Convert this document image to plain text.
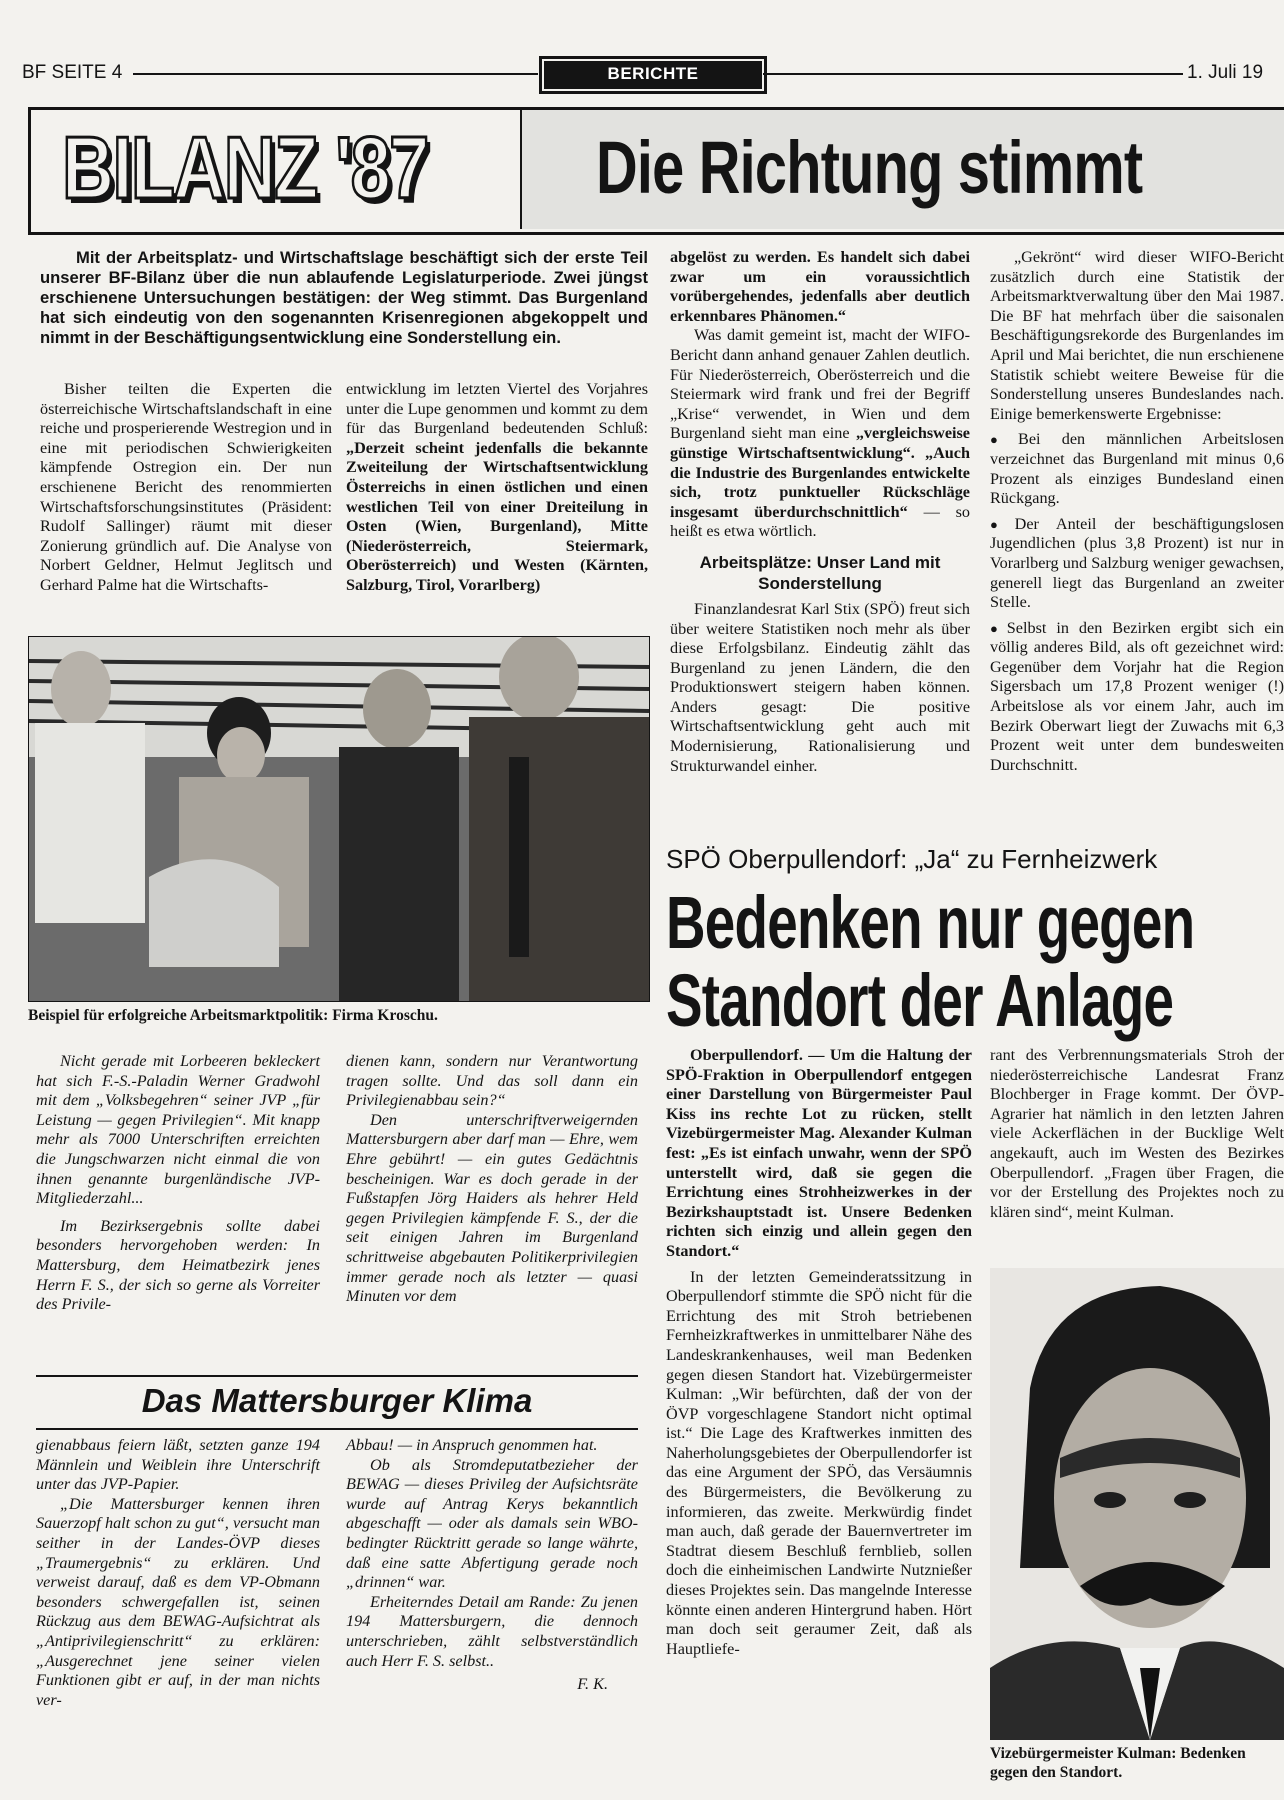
BF SEITE 4	BERICHTE	1. Juli 19
BILANZ '87 Die Richtung stimmt
Mit der Arbeitsplatz- und Wirtschaftslage beschäftigt sich der erste Teil unserer BF-Bilanz über die nun ablaufende Legislaturperiode. Zwei jüngst erschienene Untersuchungen bestätigen: der Weg stimmt. Das Burgenland hat sich eindeutig von den sogenannten Krisenregionen abgekoppelt und nimmt in der Beschäftigungsentwicklung eine Sonderstellung ein.

Bisher teilten die Experten die österreichische Wirtschaftslandschaft in eine reiche und prosperierende Westregion und in eine mit periodischen Schwierigkeiten kämpfende Ostregion ein. Der nun erschienene Bericht des renommierten Wirtschaftsforschungsinstitutes (Präsident: Rudolf Sallinger) räumt mit dieser Zonierung gründlich auf. Die Analyse von Norbert Geldner, Helmut Jeglitsch und Gerhard Palme hat die Wirtschafts-

entwicklung im letzten Viertel des Vorjahres unter die Lupe genommen und kommt zu dem für das Burgenland bedeutenden Schluß: „Derzeit scheint jedenfalls die bekannte Zweiteilung der Wirtschaftsentwicklung Österreichs in einen östlichen und einen westlichen Teil von einer Dreiteilung in Osten (Wien, Burgenland), Mitte (Niederösterreich, Steiermark, Oberösterreich) und Westen (Kärnten, Salzburg, Tirol, Vorarlberg)

abgelöst zu werden. Es handelt sich dabei zwar um ein voraussichtlich vorübergehendes, jedenfalls aber deutlich erkennbares Phänomen.“

Was damit gemeint ist, macht der WIFO-Bericht dann anhand genauer Zahlen deutlich. Für Niederösterreich, Oberösterreich und die Steiermark wird frank und frei der Begriff „Krise“ verwendet, in Wien und dem Burgenland sieht man eine „vergleichsweise günstige Wirtschaftsentwicklung“. „Auch die Industrie des Burgenlandes entwickelte sich, trotz punktueller Rückschläge insgesamt überdurchschnittlich“ — so heißt es etwa wörtlich.

Arbeitsplätze: Unser Land mit Sonderstellung

Finanzlandesrat Karl Stix (SPÖ) freut sich über weitere Statistiken noch mehr als über diese Erfolgsbilanz. Eindeutig zählt das Burgenland zu jenen Ländern, die den Produktionswert steigern haben können. Anders gesagt: Die positive Wirtschaftsentwicklung geht auch mit Modernisierung, Rationalisierung und Strukturwandel einher.

„Gekrönt“ wird dieser WIFO-Bericht zusätzlich durch eine Statistik der Arbeitsmarktverwaltung über den Mai 1987. Die BF hat mehrfach über die saisonalen Beschäftigungsrekorde des Burgenlandes im April und Mai berichtet, die nun erschienene Statistik schiebt weitere Beweise für die Sonderstellung unseres Bundeslandes nach. Einige bemerkenswerte Ergebnisse:

● Bei den männlichen Arbeitslosen verzeichnet das Burgenland mit minus 0,6 Prozent als einziges Bundesland einen Rückgang.

● Der Anteil der beschäftigungslosen Jugendlichen (plus 3,8 Prozent) ist nur in Vorarlberg und Salzburg weniger gewachsen, generell liegt das Burgenland an zweiter Stelle.

● Selbst in den Bezirken ergibt sich ein völlig anderes Bild, als oft gezeichnet wird: Gegenüber dem Vorjahr hat die Region Sigersbach um 17,8 Prozent weniger (!) Arbeitslose als vor einem Jahr, auch im Bezirk Oberwart liegt der Zuwachs mit 6,3 Prozent weit unter dem bundesweiten Durchschnitt.

Beispiel für erfolgreiche Arbeitsmarktpolitik: Firma Kroschu.

Nicht gerade mit Lorbeeren bekleckert hat sich F.-S.-Paladin Werner Gradwohl mit dem „Volksbegehren“ seiner JVP „für Leistung — gegen Privilegien“. Mit knapp mehr als 7000 Unterschriften erreichten die Jungschwarzen nicht einmal die von ihnen genannte burgenländische JVP-Mitgliederzahl...

Im Bezirksergebnis sollte dabei besonders hervorgehoben werden: In Mattersburg, dem Heimatbezirk jenes Herrn F. S., der sich so gerne als Vorreiter des Privile-

dienen kann, sondern nur Verantwortung tragen sollte. Und das soll dann ein Privilegienabbau sein?“

Den unterschriftverweigernden Mattersburgern aber darf man — Ehre, wem Ehre gebührt! — ein gutes Gedächtnis bescheinigen. War es doch gerade in der Fußstapfen Jörg Haiders als hehrer Held gegen Privilegien kämpfende F. S., der die seit einigen Jahren im Burgenland schrittweise abgebauten Politikerprivilegien immer gerade noch als letzter — quasi Minuten vor dem

Das Mattersburger Klima

gienabbaus feiern läßt, setzten ganze 194 Männlein und Weiblein ihre Unterschrift unter das JVP-Papier.

„Die Mattersburger kennen ihren Sauerzopf halt schon zu gut“, versucht man seither in der Landes-ÖVP dieses „Traumergebnis“ zu erklären. Und verweist darauf, daß es dem VP-Obmann besonders schwergefallen ist, seinen Rückzug aus dem BEWAG-Aufsichtrat als „Antiprivilegienschritt“ zu erklären: „Ausgerechnet jene seiner vielen Funktionen gibt er auf, in der man nichts ver-

Abbau! — in Anspruch genommen hat.

Ob als Stromdeputatbezieher der BEWAG — dieses Privileg der Aufsichtsräte wurde auf Antrag Kerys bekanntlich abgeschafft — oder als damals sein WBO-bedingter Rücktritt gerade so lange währte, daß eine satte Abfertigung gerade noch „drinnen“ war.

Erheiterndes Detail am Rande: Zu jenen 194 Mattersburgern, die dennoch unterschrieben, zählt selbstverständlich auch Herr F. S. selbst..

F. K.
SPÖ Oberpullendorf: „Ja“ zu Fernheizwerk
Bedenken nur gegen
Standort der Anlage

Oberpullendorf. — Um die Haltung der SPÖ-Fraktion in Oberpullendorf entgegen einer Darstellung von Bürgermeister Paul Kiss ins rechte Lot zu rücken, stellt Vizebürgermeister Mag. Alexander Kulman fest: „Es ist einfach unwahr, wenn der SPÖ unterstellt wird, daß sie gegen die Errichtung eines Strohheizwerkes in der Bezirkshauptstadt ist. Unsere Bedenken richten sich einzig und allein gegen den Standort.“

In der letzten Gemeinderatssitzung in Oberpullendorf stimmte die SPÖ nicht für die Errichtung des mit Stroh betriebenen Fernheizkraftwerkes in unmittelbarer Nähe des Landeskrankenhauses, weil man Bedenken gegen diesen Standort hat. Vizebürgermeister Kulman: „Wir befürchten, daß der von der ÖVP vorgeschlagene Standort nicht optimal ist.“ Die Lage des Kraftwerkes inmitten des Naherholungsgebietes der Oberpullendorfer ist das eine Argument der SPÖ, das Versäumnis des Bürgermeisters, die Bevölkerung zu informieren, das zweite. Merkwürdig findet man auch, daß gerade der Bauernvertreter im Stadtrat diesem Beschluß fernblieb, sollen doch die einheimischen Landwirte Nutznießer dieses Projektes sein. Das mangelnde Interesse könnte einen anderen Hintergrund haben. Hört man doch seit geraumer Zeit, daß als Hauptliefe-

rant des Verbrennungsmaterials Stroh der niederösterreichische Landesrat Franz Blochberger in Frage kommt. Der ÖVP-Agrarier hat nämlich in den letzten Jahren viele Ackerflächen in der Bucklige Welt angekauft, auch im Westen des Bezirkes Oberpullendorf. „Fragen über Fragen, die vor der Erstellung des Projektes noch zu klären sind“, meint Kulman.

Vizebürgermeister Kulman: Bedenken gegen den Standort.
